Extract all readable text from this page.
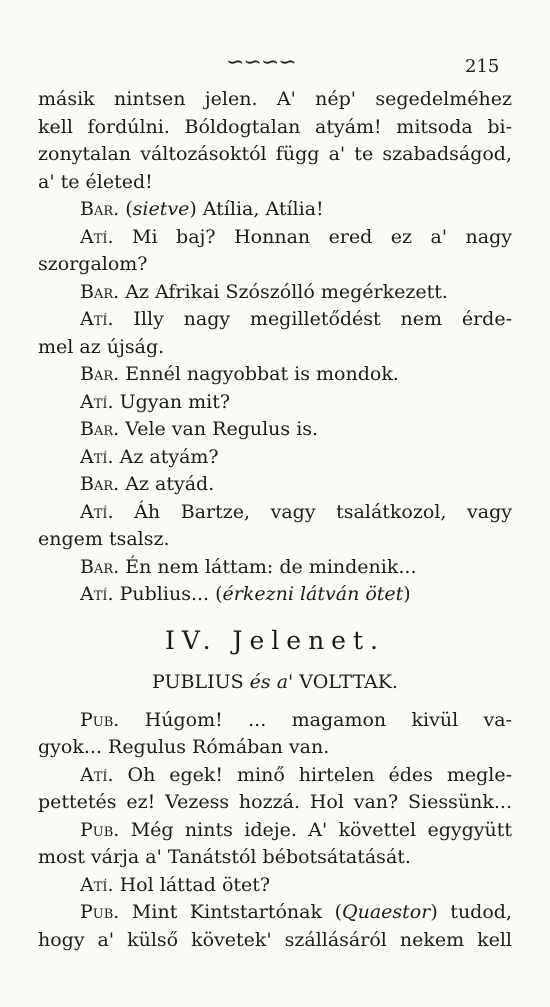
∽∽∽∽	215
másik nintsen jelen. A' nép' segedelméhez
kell fordúlni. Bóldogtalan atyám! mitsoda bi-
zonytalan változásoktól függ a' te szabadságod,
a' te életed!
Bar. (sietve) Atília, Atília!
Atí. Mi baj? Honnan ered ez a' nagy
szorgalom?
Bar. Az Afrikai Szószólló megérkezett.
Atí. Illy nagy megilletődést nem érde-
mel az újság.
Bar. Ennél nagyobbat is mondok.
Atí. Ugyan mit?
Bar. Vele van Regulus is.
Atí. Az atyám?
Bar. Az atyád.
Atí. Áh Bartze, vagy tsalátkozol, vagy
engem tsalsz.
Bar. Én nem láttam: de mindenik...
Atí. Publius... (érkezni látván ötet)
IV. Jelenet.
PUBLIUS és a' VOLTTAK.
Pub. Húgom! ... magamon kivül va-
gyok... Regulus Rómában van.
Atí. Oh egek! minő hirtelen édes megle-
pettetés ez! Vezess hozzá. Hol van? Siessünk...
Pub. Még nints ideje. A' követtel egygyütt
most várja a' Tanátstól bébotsátatását.
Atí. Hol láttad ötet?
Pub. Mint Kintstartónak (Quaestor) tudod,
hogy a' külső követek' szállásáról nekem kell
